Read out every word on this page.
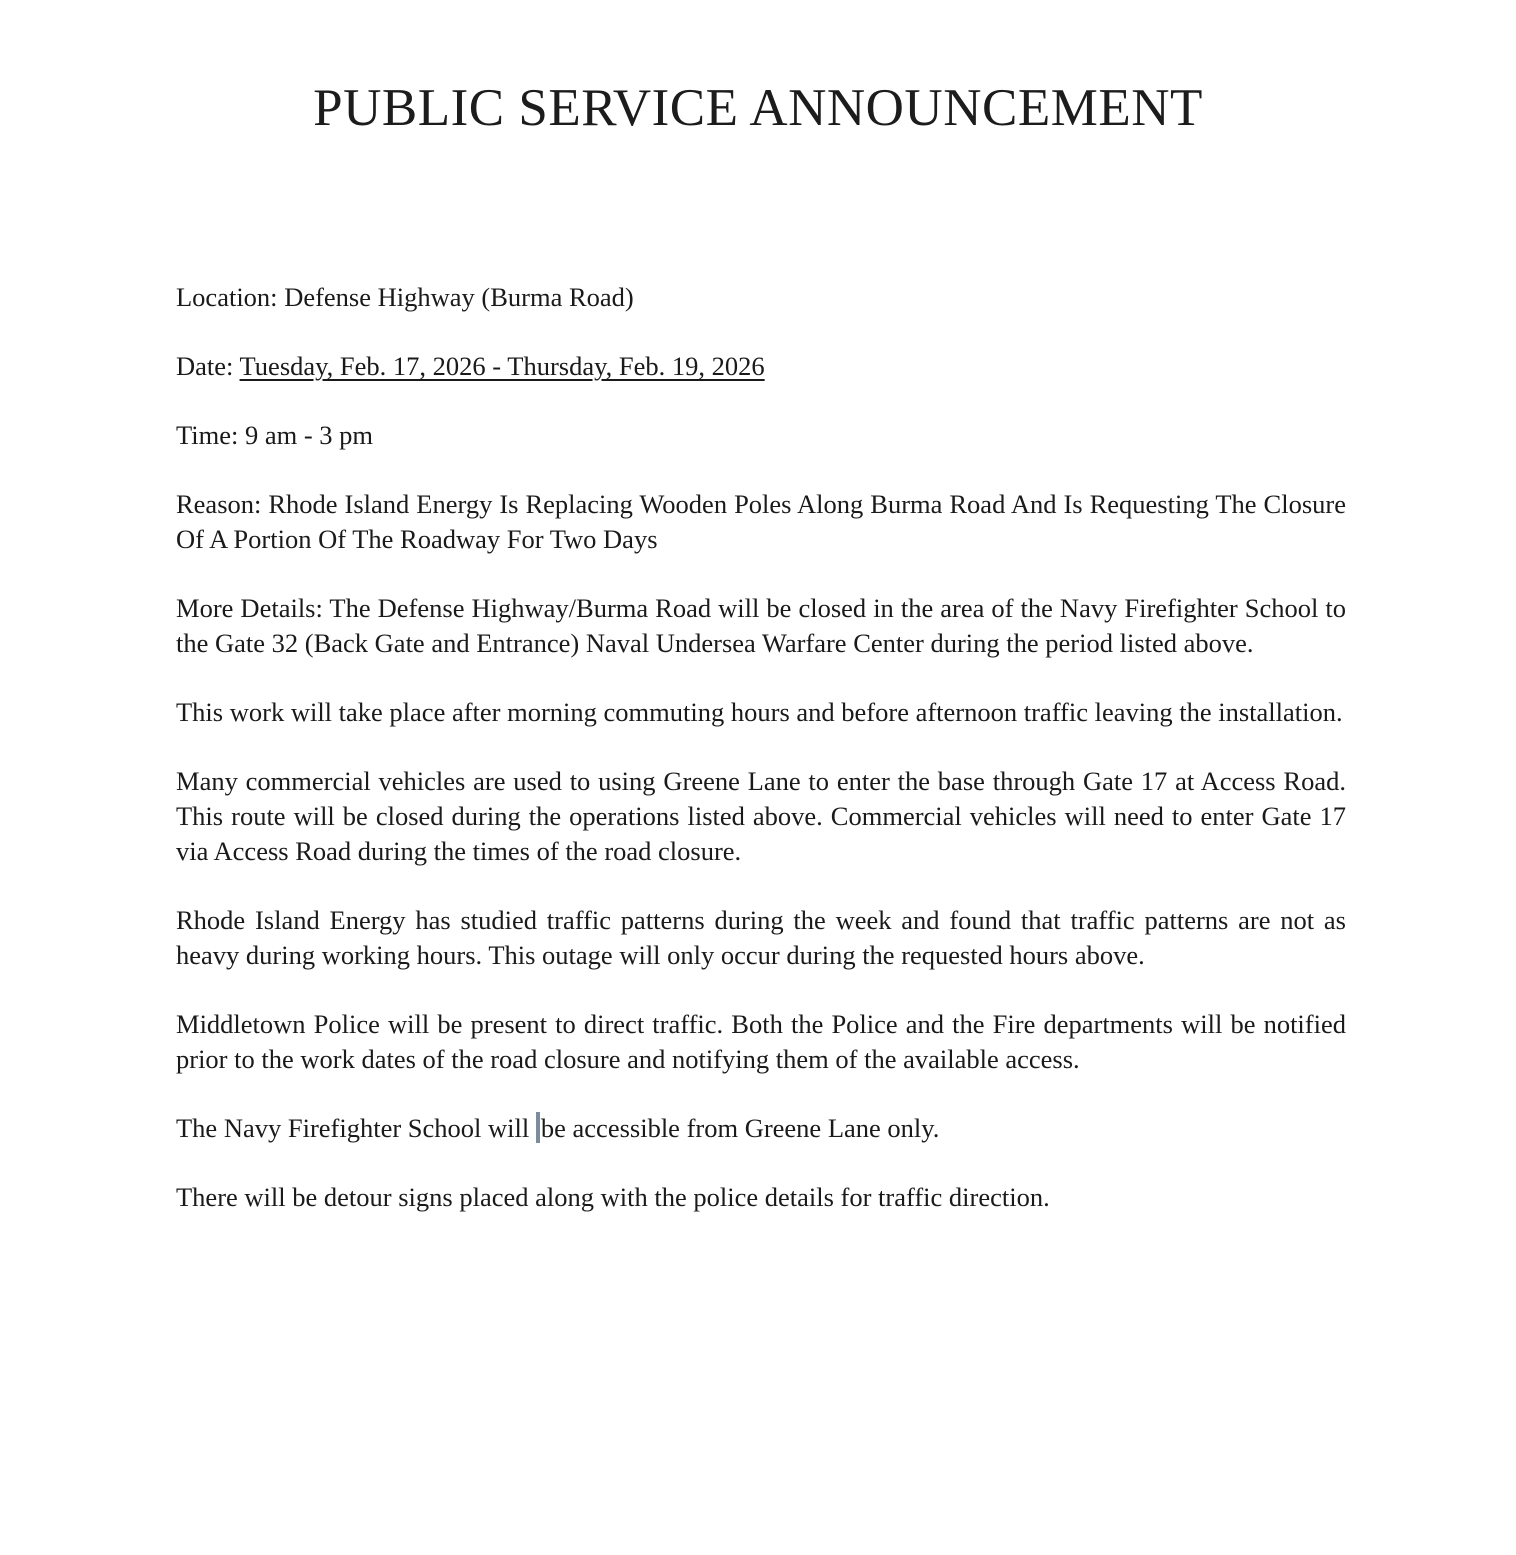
PUBLIC SERVICE ANNOUNCEMENT

Location: Defense Highway (Burma Road)

Date: Tuesday, Feb. 17, 2026 - Thursday, Feb. 19, 2026

Time: 9 am - 3 pm

Reason: Rhode Island Energy Is Replacing Wooden Poles Along Burma Road And Is Requesting The Closure Of A Portion Of The Roadway For Two Days

More Details: The Defense Highway/Burma Road will be closed in the area of the Navy Firefighter School to the Gate 32 (Back Gate and Entrance) Naval Undersea Warfare Center during the period listed above.

This work will take place after morning commuting hours and before afternoon traffic leaving the installation.

Many commercial vehicles are used to using Greene Lane to enter the base through Gate 17 at Access Road. This route will be closed during the operations listed above. Commercial vehicles will need to enter Gate 17 via Access Road during the times of the road closure.

Rhode Island Energy has studied traffic patterns during the week and found that traffic patterns are not as heavy during working hours. This outage will only occur during the requested hours above.

Middletown Police will be present to direct traffic. Both the Police and the Fire departments will be notified prior to the work dates of the road closure and notifying them of the available access.

The Navy Firefighter School will be accessible from Greene Lane only.

There will be detour signs placed along with the police details for traffic direction.
